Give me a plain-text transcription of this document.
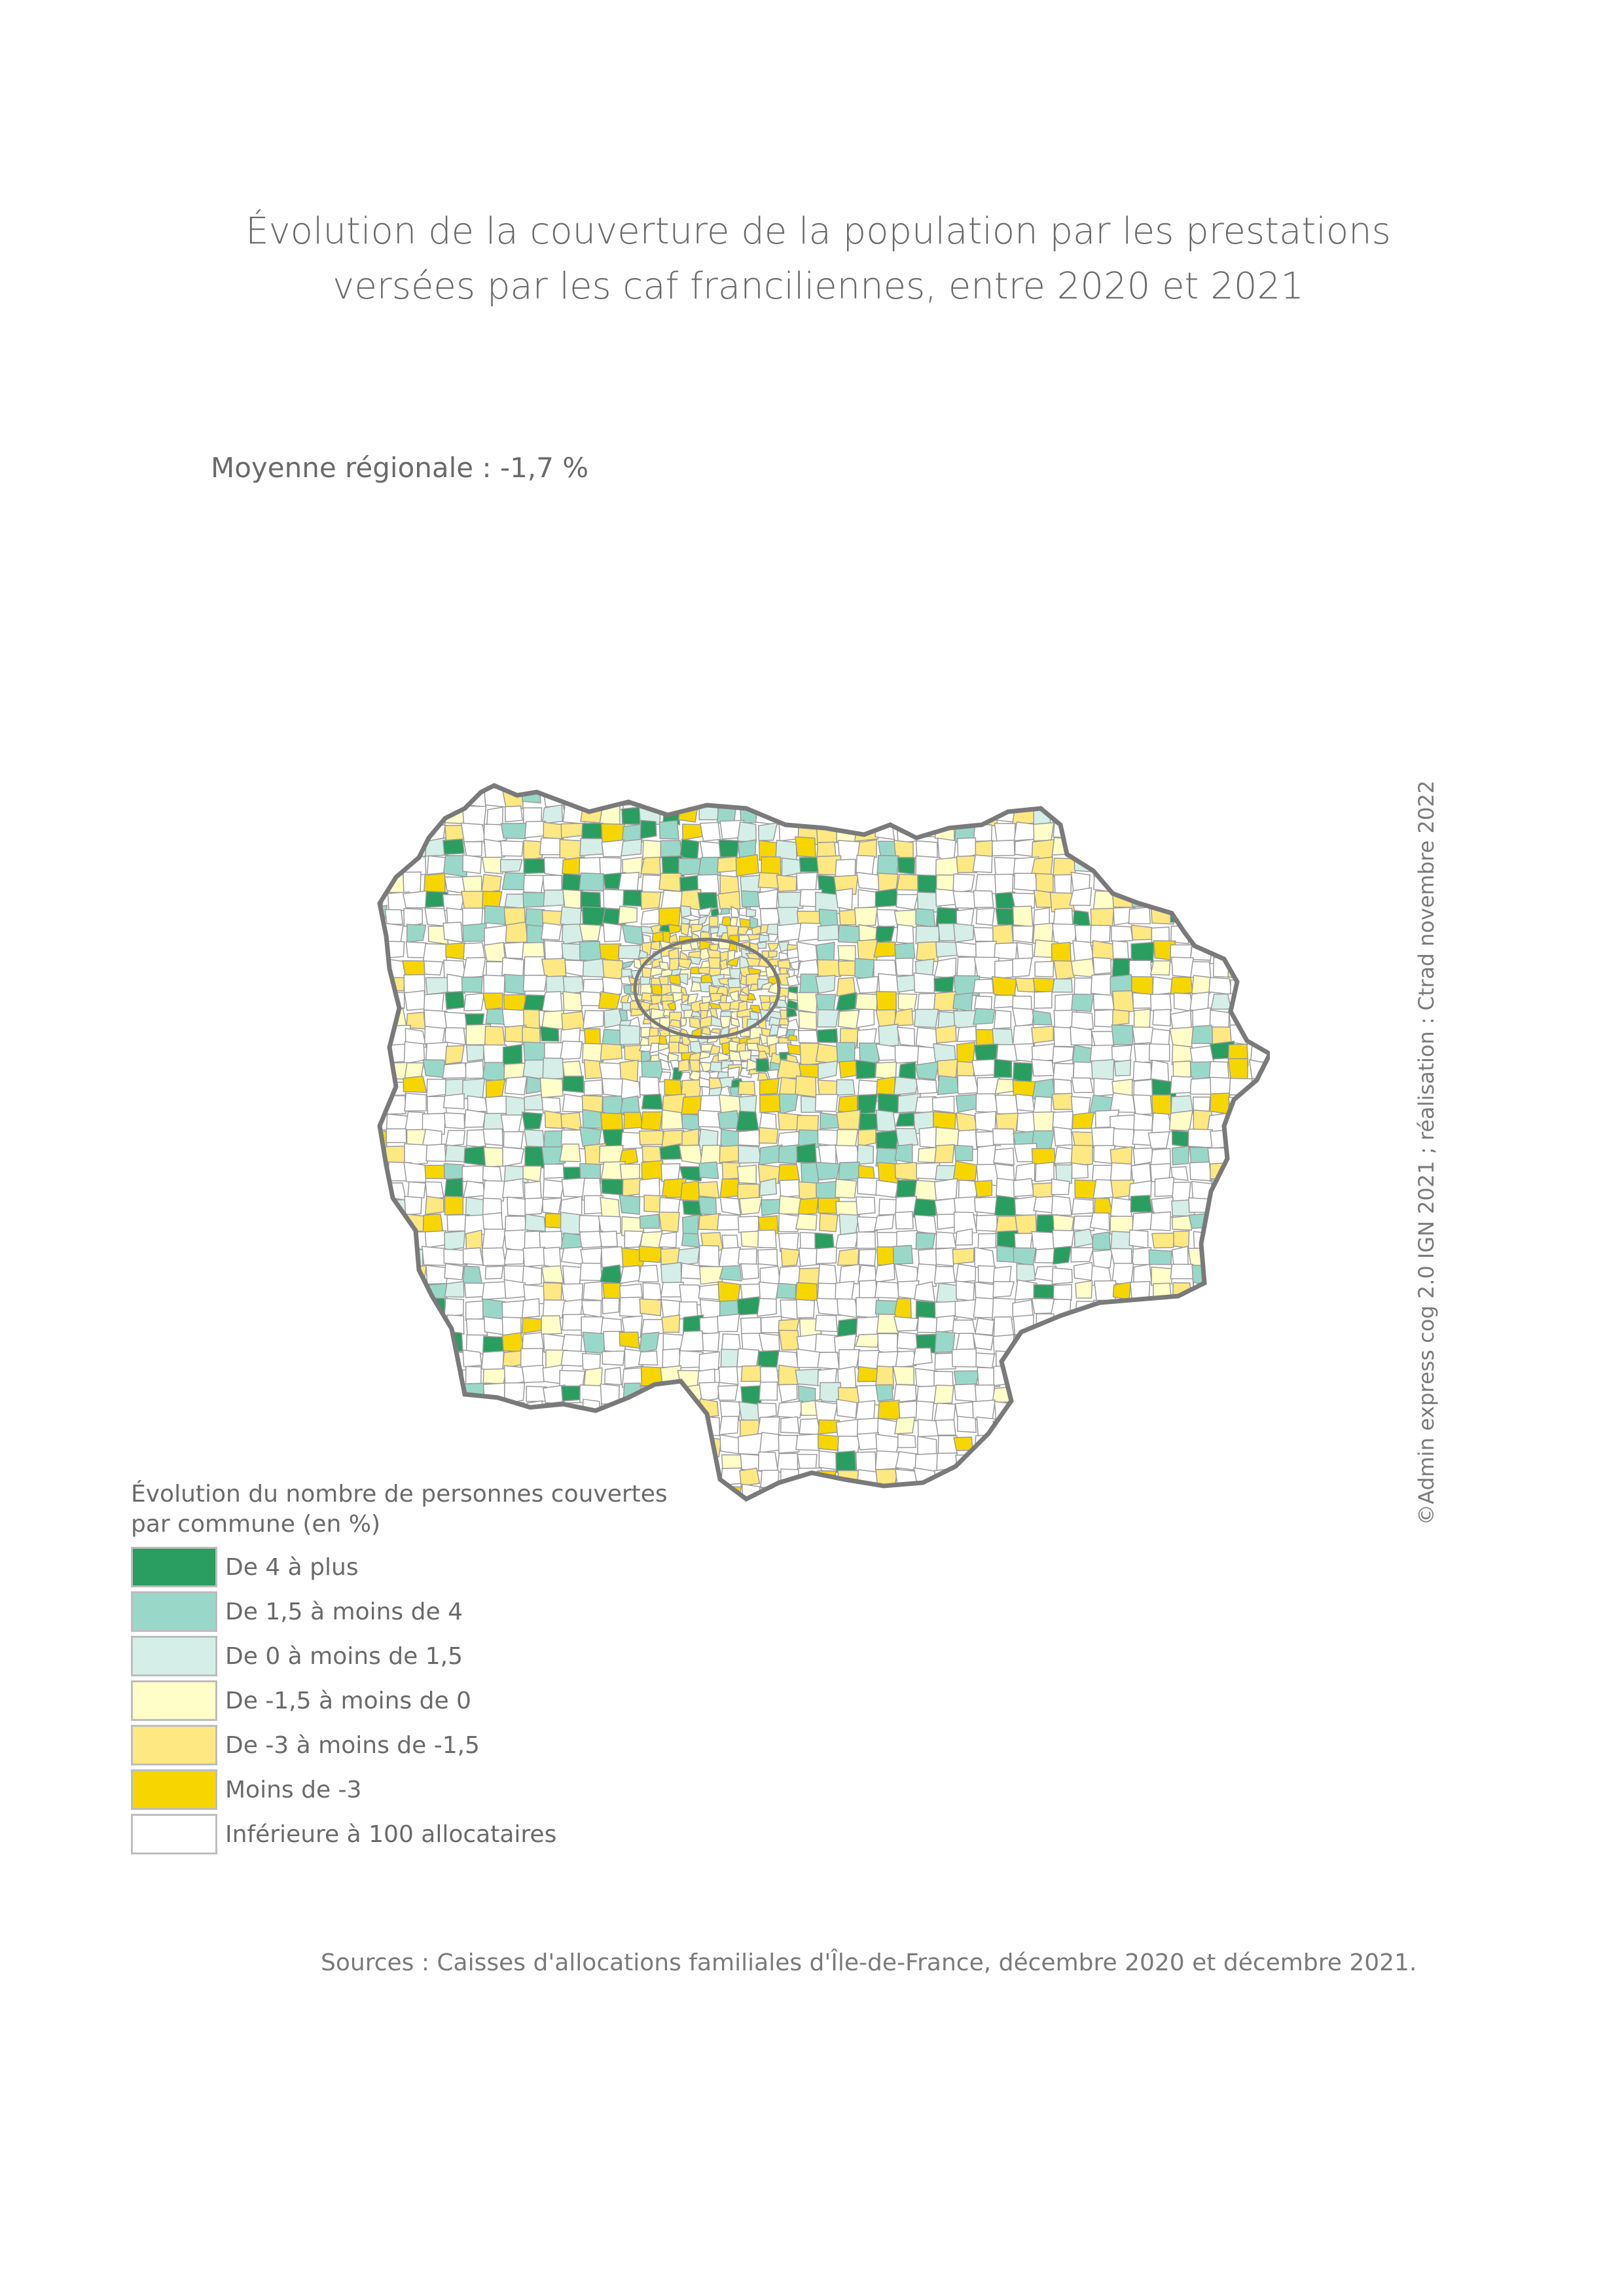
Évolution de la couverture de la population par les prestations
versées par les caf franciliennes, entre 2020 et 2021
Moyenne régionale : -1,7 %
©Admin express cog 2.0 IGN 2021 ; réalisation : Ctrad novembre 2022
Évolution du nombre de personnes couvertes
par commune (en %)
De 4 à plus
De 1,5 à moins de 4
De 0 à moins de 1,5
De -1,5 à moins de 0
De -3 à moins de -1,5
Moins de -3
Inférieure à 100 allocataires
Sources : Caisses d'allocations familiales d'Île-de-France, décembre 2020 et décembre 2021.
